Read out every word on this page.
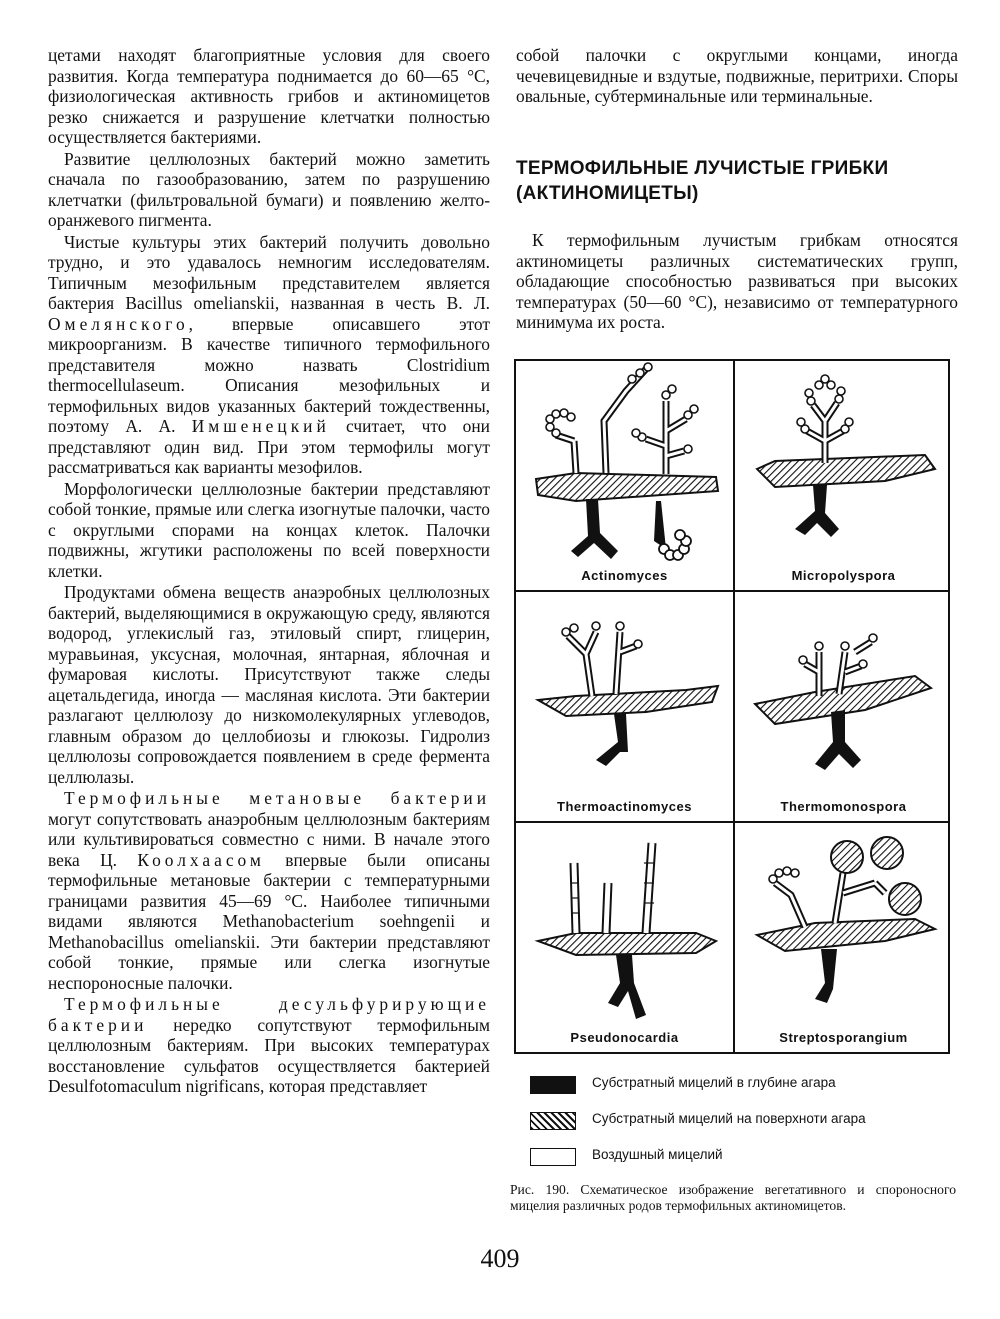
цетами находят благоприятные условия для своего развития. Когда температура поднимается до 60—65 °С, физиологическая активность грибов и актиномицетов резко снижается и разрушение клетчатки полностью осуществляется бактериями.

Развитие целлюлозных бактерий можно заметить сначала по газообразованию, затем по разрушению клетчатки (фильтровальной бумаги) и появлению желто-оранжевого пигмента.

Чистые культуры этих бактерий получить довольно трудно, и это удавалось немногим исследователям. Типичным мезофильным представителем является бактерия Bacillus omelianskii, названная в честь В. Л. Омелянского, впервые описавшего этот микроорганизм. В качестве типичного термофильного представителя можно назвать Clostridium thermocellulaseum. Описания мезофильных и термофильных видов указанных бактерий тождественны, поэтому А. А. Имшенецкий считает, что они представляют один вид. При этом термофилы могут рассматриваться как варианты мезофилов.

Морфологически целлюлозные бактерии представляют собой тонкие, прямые или слегка изогнутые палочки, часто с округлыми спорами на концах клеток. Палочки подвижны, жгутики расположены по всей поверхности клетки.

Продуктами обмена веществ анаэробных целлюлозных бактерий, выделяющимися в окружающую среду, являются водород, углекислый газ, этиловый спирт, глицерин, муравьиная, уксусная, молочная, янтарная, яблочная и фумаровая кислоты. Присутствуют также следы ацетальдегида, иногда — масляная кислота. Эти бактерии разлагают целлюлозу до низкомолекулярных углеводов, главным образом до целлобиозы и глюкозы. Гидролиз целлюлозы сопровождается появлением в среде фермента целлюлазы.

Термофильные метановые бактерии могут сопутствовать анаэробным целлюлозным бактериям или культивироваться совместно с ними. В начале этого века Ц. Коолхаасом впервые были описаны термофильные метановые бактерии с температурными границами развития 45—69 °С. Наиболее типичными видами являются Methanobacterium soehngenii и Methanobacillus omelianskii. Эти бактерии представляют собой тонкие, прямые или слегка изогнутые неспороносные палочки.

Термофильные десульфурирующие бактерии нередко сопутствуют термофильным целлюлозным бактериям. При высоких температурах восстановление сульфатов осуществляется бактерией Desulfotomaculum nigrificans, которая представляет

собой палочки с округлыми концами, иногда чечевицевидные и вздутые, подвижные, перитрихи. Споры овальные, субтерминальные или терминальные.

ТЕРМОФИЛЬНЫЕ ЛУЧИСТЫЕ ГРИБКИ
(АКТИНОМИЦЕТЫ)

К термофильным лучистым грибкам относятся актиномицеты различных систематических групп, обладающие способностью развиваться при высоких температурах (50—60 °С), независимо от температурного минимума их роста.

Actinomyces	Micropolyspora
Thermoactinomyces	Thermomonospora
Pseudonocardia	Streptosporangium
Субстратный мицелий в глубине агара
Субстратный мицелий на поверхноти агара
Воздушный мицелий
Рис. 190. Схематическое изображение вегетативного и спороносного мицелия различных родов термофильных актиномицетов.
409
